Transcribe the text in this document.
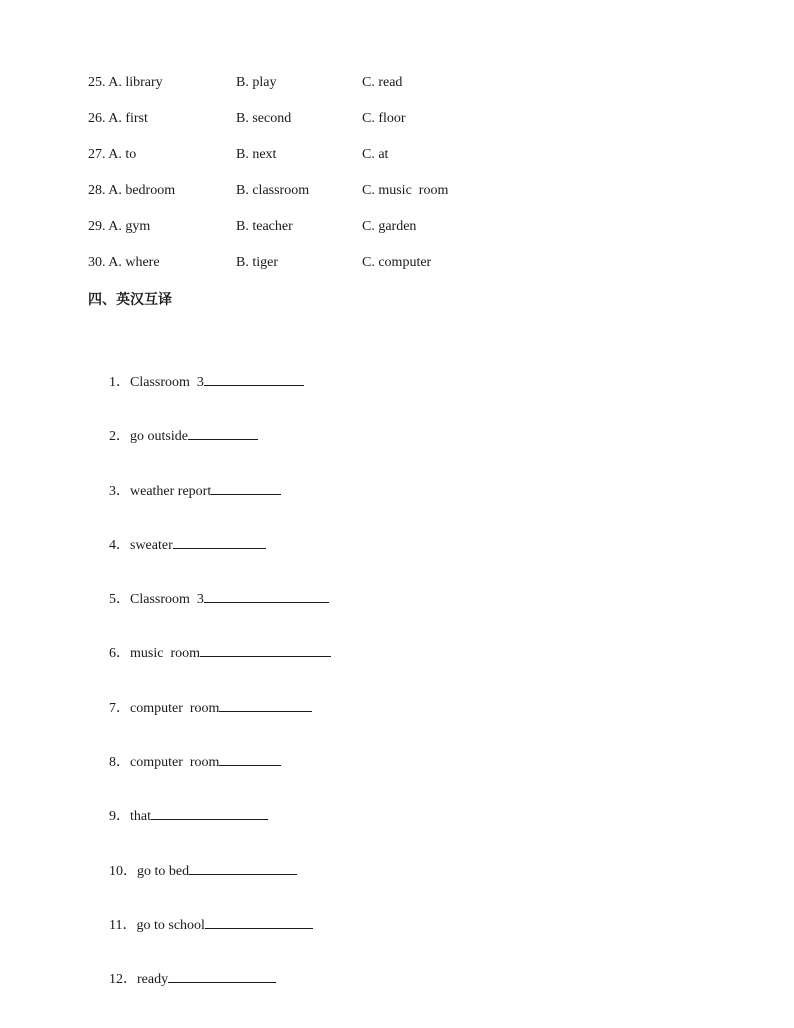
25. A. library

	B. play

	C. read

26. A. first

	B. second

	C. floor

27. A. to

	B. next

	C. at

28. A. bedroom

	B. classroom

	C. music  room

29. A. gym

	B. teacher

	C. garden

30. A. where

	B. tiger

	C. computer

四、英汉互译

1．Classroom  3

2．go outside

3．weather report

4．sweater

5．Classroom  3

6．music  room

7．computer  room

8．computer  room

9．that

10．go to bed

11．go to school

12．ready
